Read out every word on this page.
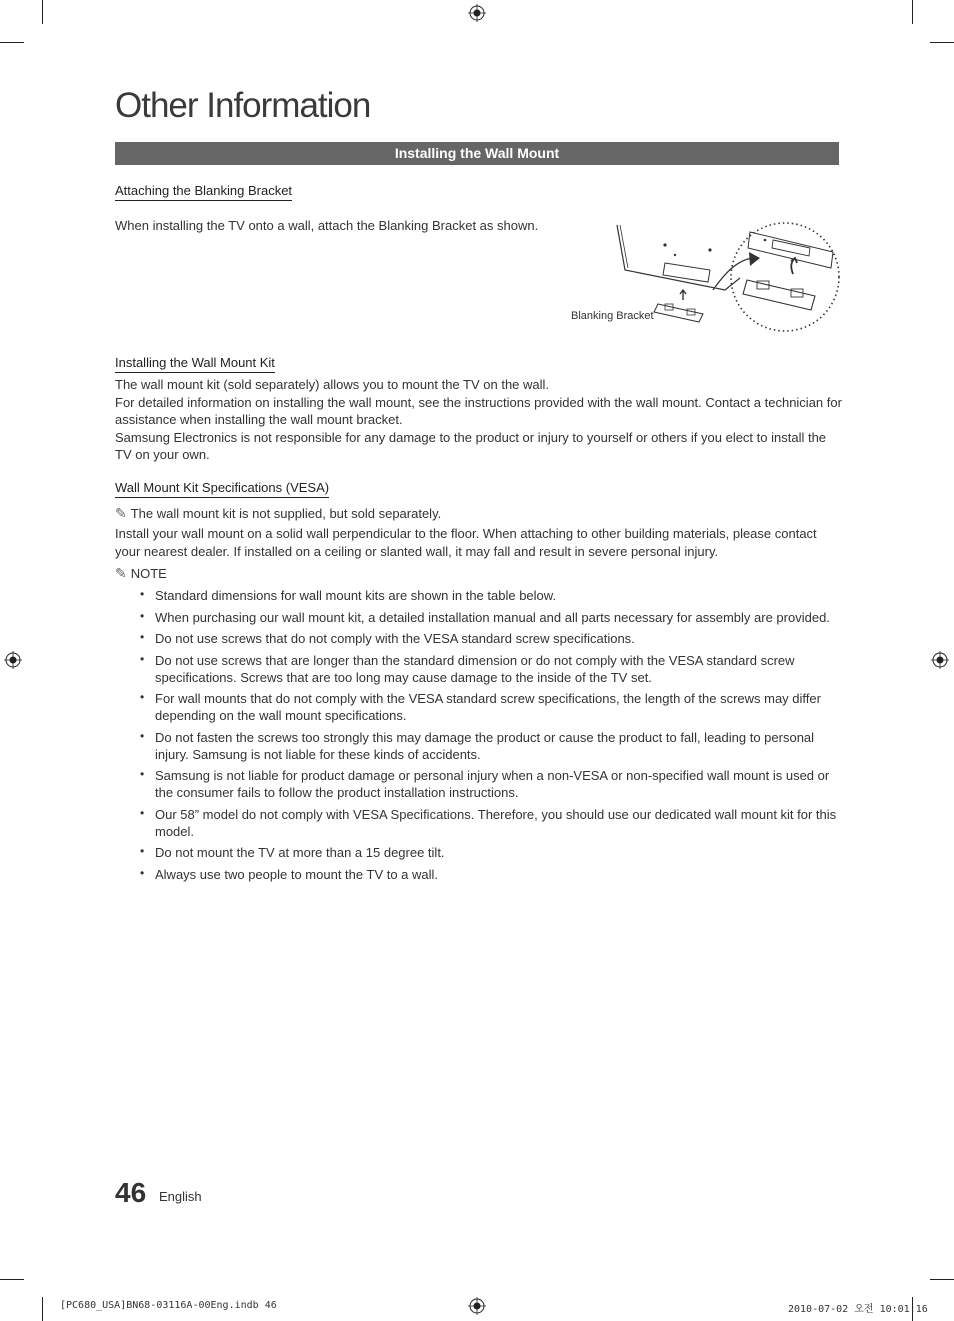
Other Information
Installing the Wall Mount
Attaching the Blanking Bracket
When installing the TV onto a wall, attach the Blanking Bracket as shown.
Blanking Bracket
Installing the Wall Mount Kit
The wall mount kit (sold separately) allows you to mount the TV on the wall.
For detailed information on installing the wall mount, see the instructions provided with the wall mount. Contact a technician for assistance when installing the wall mount bracket.
Samsung Electronics is not responsible for any damage to the product or injury to yourself or others if you elect to install the TV on your own.
Wall Mount Kit Specifications (VESA)
✎ The wall mount kit is not supplied, but sold separately.
Install your wall mount on a solid wall perpendicular to the floor. When attaching to other building materials, please contact your nearest dealer. If installed on a ceiling or slanted wall, it may fall and result in severe personal injury.
✎ NOTE
• Standard dimensions for wall mount kits are shown in the table below.
• When purchasing our wall mount kit, a detailed installation manual and all parts necessary for assembly are provided.
• Do not use screws that do not comply with the VESA standard screw specifications.
• Do not use screws that are longer than the standard dimension or do not comply with the VESA standard screw specifications. Screws that are too long may cause damage to the inside of the TV set.
• For wall mounts that do not comply with the VESA standard screw specifications, the length of the screws may differ depending on the wall mount specifications.
• Do not fasten the screws too strongly this may damage the product or cause the product to fall, leading to personal injury. Samsung is not liable for these kinds of accidents.
• Samsung is not liable for product damage or personal injury when a non-VESA or non-specified wall mount is used or the consumer fails to follow the product installation instructions.
• Our 58” model do not comply with VESA Specifications. Therefore, you should use our dedicated wall mount kit for this model.
• Do not mount the TV at more than a 15 degree tilt.
• Always use two people to mount the TV to a wall.
46 English
[PC680_USA]BN68-03116A-00Eng.indb 46	2010-07-02 오전 10:01:16
